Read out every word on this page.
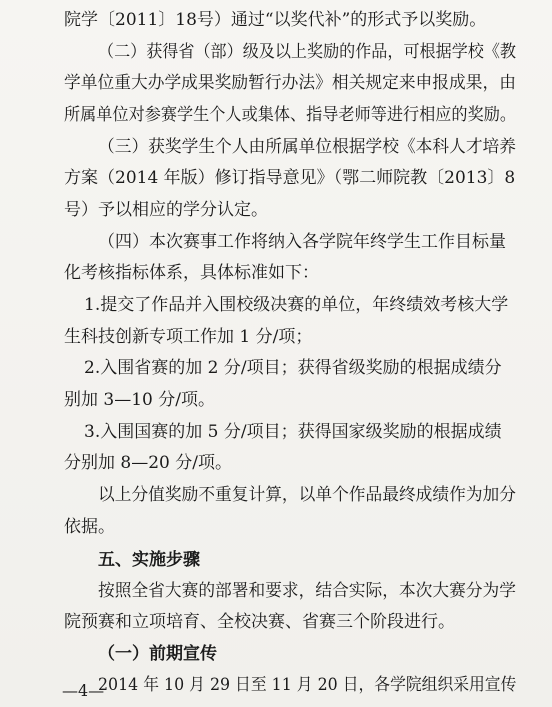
院学〔2011〕18号）通过“以奖代补”的形式予以奖励。
（二）获得省（部）级及以上奖励的作品，可根据学校《教
学单位重大办学成果奖励暂行办法》相关规定来申报成果，由
所属单位对参赛学生个人或集体、指导老师等进行相应的奖励。
（三）获奖学生个人由所属单位根据学校《本科人才培养
方案（2014 年版）修订指导意见》（鄂二师院教〔2013〕8
号）予以相应的学分认定。
（四）本次赛事工作将纳入各学院年终学生工作目标量
化考核指标体系，具体标准如下：
1.提交了作品并入围校级决赛的单位，年终绩效考核大学
生科技创新专项工作加 1 分/项；
2.入围省赛的加 2 分/项目；获得省级奖励的根据成绩分
别加 3—10 分/项。
3.入围国赛的加 5 分/项目；获得国家级奖励的根据成绩
分别加 8—20 分/项。
以上分值奖励不重复计算，以单个作品最终成绩作为加分
依据。
五、实施步骤
按照全省大赛的部署和要求，结合实际，本次大赛分为学
院预赛和立项培育、全校决赛、省赛三个阶段进行。
（一）前期宣传
2014 年 10 月 29 日至 11 月 20 日，各学院组织采用宣传
—4—
